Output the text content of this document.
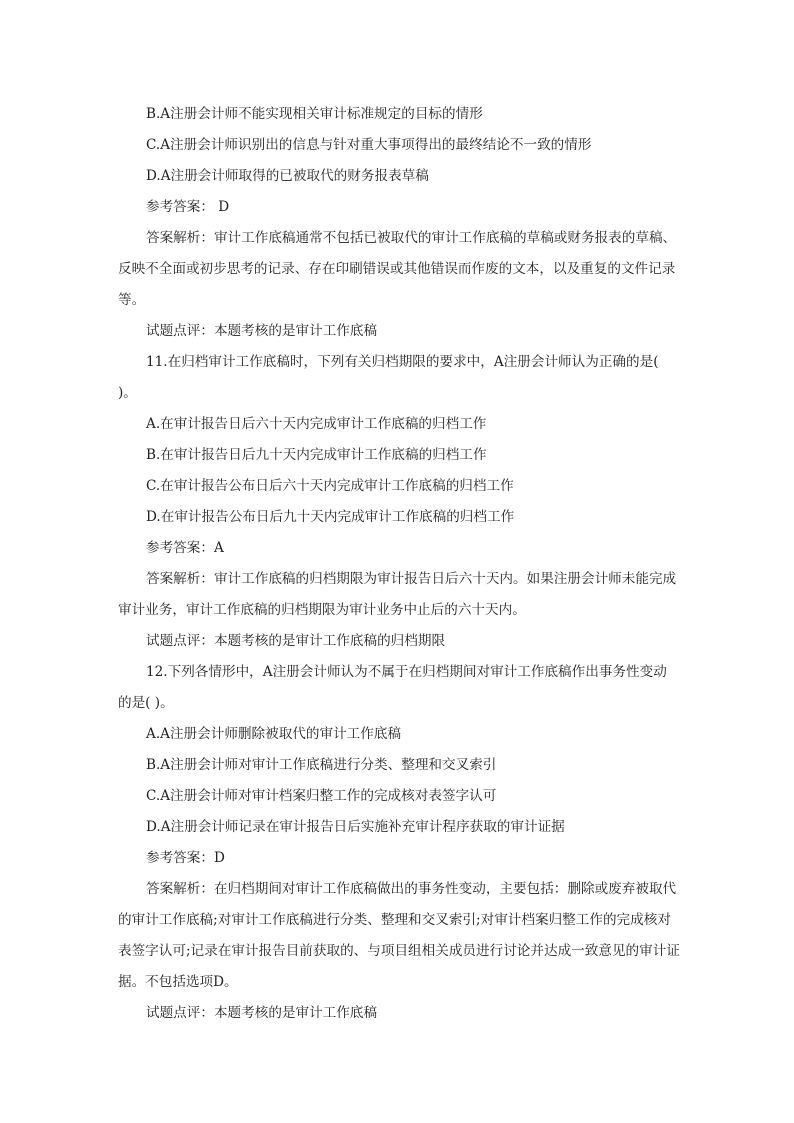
B.A注册会计师不能实现相关审计标准规定的目标的情形

C.A注册会计师识别出的信息与针对重大事项得出的最终结论不一致的情形

D.A注册会计师取得的已被取代的财务报表草稿

参考答案： D

答案解析：审计工作底稿通常不包括已被取代的审计工作底稿的草稿或财务报表的草稿、反映不全面或初步思考的记录、存在印刷错误或其他错误而作废的文本，以及重复的文件记录等。

试题点评：本题考核的是审计工作底稿

11.在归档审计工作底稿时，下列有关归档期限的要求中，A注册会计师认为正确的是( )。

A.在审计报告日后六十天内完成审计工作底稿的归档工作

B.在审计报告日后九十天内完成审计工作底稿的归档工作

C.在审计报告公布日后六十天内完成审计工作底稿的归档工作

D.在审计报告公布日后九十天内完成审计工作底稿的归档工作

参考答案：A

答案解析：审计工作底稿的归档期限为审计报告日后六十天内。如果注册会计师未能完成审计业务，审计工作底稿的归档期限为审计业务中止后的六十天内。

试题点评：本题考核的是审计工作底稿的归档期限

12.下列各情形中，A注册会计师认为不属于在归档期间对审计工作底稿作出事务性变动的是( )。

A.A注册会计师删除被取代的审计工作底稿

B.A注册会计师对审计工作底稿进行分类、整理和交叉索引

C.A注册会计师对审计档案归整工作的完成核对表签字认可

D.A注册会计师记录在审计报告日后实施补充审计程序获取的审计证据

参考答案：D

答案解析：在归档期间对审计工作底稿做出的事务性变动，主要包括：删除或废弃被取代的审计工作底稿;对审计工作底稿进行分类、整理和交叉索引;对审计档案归整工作的完成核对表签字认可;记录在审计报告目前获取的、与项目组相关成员进行讨论并达成一致意见的审计证据。不包括选项D。

试题点评：本题考核的是审计工作底稿
